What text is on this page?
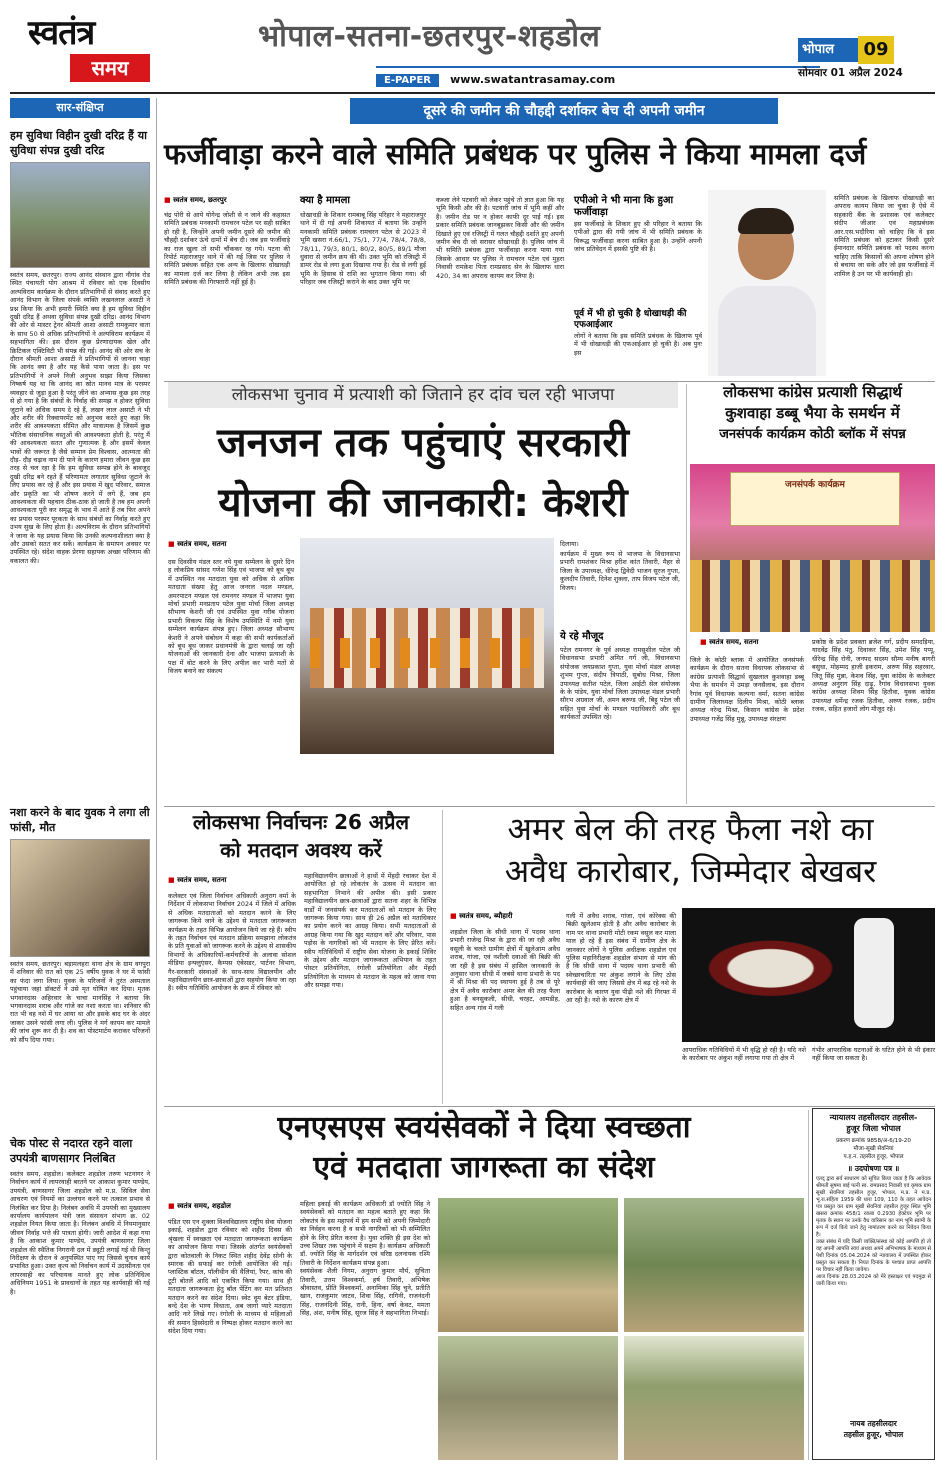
स्वतंत्र
समय
भोपाल-सतना-छतरपुर-शहडोल
E-PAPER www.swatantrasamay.com
भोपाल	09
सोमवार 01 अप्रैल 2024
सार-संक्षिप्त
हम सुविधा विहीन दुखी दरिद्र हैं या सुविधा संपन्न दुखी दरिद्र
स्वतंत्र समय, छतरपुर। राज्य आनंद संस्थान द्वारा नौगांव रोड स्थित पंचायती योग आश्रम में रविवार को एक दिवसीय अल्पविराम कार्यक्रम के दौरान प्रतिभागियों से संवाद करते हुए आनंद विभाग के जिला संपर्क व्यक्ति लखनलाल असाटी ने प्रश्न किया कि अभी हमारी स्थिति क्या है हम सुविधा विहीन दुखी दरिद्र हैं अथवा सुविधा संपन्न दुखी दरिद्र। आनंद विभाग की ओर से मास्टर ट्रेनर श्रीमती आशा असाटी रामकुमार वाता के साथ 50 से अधिक प्रतिभागियों ने अल्पविराम कार्यक्रम में सहभागिता की। इस दौरान कुछ प्रेरणादायक खेल और क्रिटिकल एक्टिविटी भी संपन्न की गई। आनंद की ओर सच के दौरान श्रीमती आशा असाटी ने प्रतिभागियों से जानना चाहा कि आनंद क्या है और यह कैसे पाया जाता है। इस पर प्रतिभागियों ने अपने निजी अनुभव साझा किया जिसका निष्कर्ष यह था कि आनंद का स्रोत मानव मात्र के परस्पर व्यवहार से जुड़ा हुआ है परंतु जीने का अभ्यास कुछ इस तरह से हो गया है कि संबंधों के निर्वाह की समझ न होकर सुविधा जुटाने को अधिक समय दे रहे हैं, लखन लाल असाटी ने भी और शरीर की रिक्वायरमेंट को अनुभव करते हुए कहा कि शरीर की आवश्यकता सीमित और मात्रात्मक है जिसमें कुछ भौतिक संसाधनिक वस्तुओं की आवश्यकता होती है, परंतु मैं की आवश्यकता सतत और गुणात्मक है और इसमें केवल भावों की जरूरत है जैसे सम्मान प्रेम विश्वास, आत्म्यता की दौड़- दौड़ चढ़ाव नाम दी पाने के कारण हमारा जीवन कुछ इस तरह से चल रहा है कि हम सुविधा सम्पन्न होने के बावजूद दुखी दरिद्र बने रहते हैं परिणामतः लगातार सुविधा जुटाने के लिए प्रयास कर रहे हैं और इस प्रयास में खुद परिवार, समाज और प्रकृति का भी शोषण करने में लगे हैं, जब हम आवश्यकता की पहचान ठीक-ठाक हो जाती है तब हम अपनी आवश्यकता पूरी कर समृद्ध के भाव में आते हैं तब फिर अपने का प्रयास परस्पर पूरकता के साथ संबंधों का निर्वाह करते हुए उभय सुख के लिए होता है। अल्पविराम के दौरान प्रतिभागियों ने जाना के यह प्रयास किया कि उनकी कल्पनाशीलता क्या है और उसको सतत कर सकें। कार्यक्रम के समापन अवसर पर उपस्थित रहे। संदेश वाहक प्रेरणा सहायक अच्छा परिणाम की वकालत की।
नशा करने के बाद युवक ने लगा ली फांसी, मौत
स्वतंत्र समय, छतरपुर। बड़ामलहरा थाना क्षेत्र के ग्राम वगपुरा में शनिवार की रात को एक 25 वर्षीय युवक ने घर में फांसी का फंदा लगा लिया। युवक के परिजनों ने तुरंत अस्पताल पहुंचाया जहां डॉक्टरों ने उसे मृत घोषित कर दिया। मृतक भगवानदास अहिरवार के चाचा मानसिंह ने बताया कि भगवानदास शराब और गांजे का नशा करता था। शनिवार की रात भी वह नशे में घर आया था और इसके बाद घर के अंदर जाकर उसने फांसी लगा ली। पुलिस ने मर्ग कायम कर मामले की जांच शुरू कर दी है। शव का पोस्टमार्टम कराकर परिजनों को सौंप दिया गया।
चेक पोस्ट से नदारत रहने वाला उपयंत्री बाणसागर निलंबित
स्वतंत्र समय, शहडोल। कलेक्टर शहडोल तरुण भटनागर ने निर्वाचन कार्य में लापरवाही बरतने पर आकाश कुमार पाण्डेय, उपयंत्री, बाणसागर जिला शहडोल को म.प्र. सिविल सेवा आचरण एवं नियमों का उल्लंघन करने पर तत्काल प्रभाव से निलंबित कर दिया है। निलंबन अवधि में उपयंत्री का मुख्यालय कार्यालय कार्यपालन यंत्री जल संसाधन संभाग क्र. 02 शहडोल नियत किया जाता है। निलंबन अवधि में नियमानुसार जीवन निर्वाह भत्ते की पात्रता होगी। जारी आदेश में कहा गया है कि आकाश कुमार पाण्डेय, उपयंत्री बाणसागर जिला शहडोल की स्थैतिक निगरानी दल में ड्यूटी लगाई गई थी किन्तु निरीक्षण के दौरान वे अनुपस्थित पाए गए जिससे चुनाव कार्य प्रभावित हुआ। उक्त कृत्य को निर्वाचन कार्य में उदासीनता एवं लापरवाही का परिचायक मानते हुए लोक प्रतिनिधित्व अधिनियम 1951 के प्रावधानों के तहत यह कार्यवाही की गई है।
दूसरे की जमीन की चौहद्दी दर्शाकर बेच दी अपनी जमीन
फर्जीवाड़ा करने वाले समिति प्रबंधक पर पुलिस ने किया मामला दर्ज
■ स्वतंत्र समय, छतरपुर
चंद्र पोरी से आये योगेन्द्र जोशी से न जाने की कहासत समिति प्रबंधक मनकामी रामचरन पटेल पर सही साबित हो रही है, जिन्होंने अपनी जमीन दूसरे की जमीन की चौहद्दी दर्शाकर ऊंचे दामों में बेच दी। जब इस फर्जीवाड़े का राज खुला तो सभी चौंककर रह गये। पटना की रिपोर्ट महाराजपुर थाने में की गई जिस पर पुलिस ने समिति प्रबंधक सहित एक अन्य के खिलाफ धोखाधड़ी का मामला दर्ज कर लिया है लेकिन अभी तक इस समिति प्रबंधक की गिरफ्तारी नहीं हुई है।
क्या है मामला
धोखाधड़ी के शिकार रामबाबू सिंह परिहार ने महाराजपुर थाने में दी गई अपनी शिकायत में बताया कि उन्होंने मनकामी समिति प्रबंधक रामचरन पटेल से 2023 में भूमि खसरा नं.66/1, 75/1, 77/4, 78/4, 78/8, 78/11, 79/3, 80/1, 80/2, 80/5, 89/1 मौजा धुवारा से जमीन क्रय की थी। उक्त भूमि को रजिस्ट्री में डामर रोड से लगा हुआ दिखाया गया है। रोड से लगी हुई भूमि के हिसाब से राशि का भुगतान किया गया। श्री परिहार जब रजिस्ट्री कराने के बाद उक्त भूमि पर
कब्जा लेने पटवारी को लेकर पहुंचे तो ज्ञात हुआ कि यह भूमि किसी और की है। पटवारी जांच में भूमि कहीं और है। जमीन रोड पर न होकर काफी दूर पाई गई। इस प्रकार समिति प्रबंधक जानबूझकर किसी और की जमीन दिखाते हुए एवं रजिस्ट्री में गलत चौहद्दी दर्शाते हुए अपनी जमीन बेच दी जो सरासर धोखाधड़ी है। पुलिस जांच में भी समिति प्रबंधक द्वारा फर्जीवाड़ा करना पाया गया जिसके आधार पर पुलिस ने रामचरन पटेल एवं मुहरा निवासी रामके़श पिता रामप्रसाद सेन के खिलाफ धारा 420, 34 का अपराध कायम कर लिया है।
एपीओ ने भी माना कि हुआ फर्जीवाड़ा
इस फर्जीवाड़े के शिकार हुए श्री परिहार ने बताया कि एपीओ द्वारा की गयी जांच में भी समिति प्रबंधक के विरूद्ध फर्जीवाड़ा करना साबित हुआ है। उन्होंने अपनी जांच प्रतिवेदन में इसकी पुष्टि की है।
पूर्व में भी हो चुकी है धोखाधड़ी की एफआईआर
लोगों ने बताया कि इस समिति प्रबंधक के खिलाफ पूर्व में भी धोखाधड़ी की एफआईआर हो चुकी है। अब पुनः इस
समिति प्रबंधक के खिलाफ धोखाधड़ी का अपराध कायम किया जा चुका है ऐसे में सहकारी बैंक के प्रशासक एवं कलेक्टर संदीप जीआर एवं महाप्रबंधक आर.एस.भदौरिया को चाहिए कि वे इस समिति प्रबंधक को हटाकर किसी दूसरे ईमानदार समिति प्रबंधक को पदस्थ करना चाहिए ताकि किसानों की अपना शोषण होने से बचाया जा सके और जो इस फर्जीवाड़े में शामिल है उन पर भी कार्यवाही हो।
लोकसभा चुनाव में प्रत्याशी को जिताने हर दांव चल रही भाजपा
जनजन तक पहुंचाएं सरकारी
योजना की जानकारी: केशरी
■ स्वतंत्र समय, सतना
दस दिवसीय मंडल स्तर नये युवा सम्मेलन के दूसरे दिन ह लोकप्रिय सांसद गणेश सिंह एवं भाजपा को बूथ बूथ में उपस्थित नव मतदाता युवा को अधिक से अधिक मतदाता संख्या हेतु आज जनरल नदल मण्डल, अमरपाटन मण्डल एवं रामनगर मण्डल में भाजपा युवा मोर्चा प्रभारी मनप्रताप पटेल युवा मोर्चा जिला अध्यक्ष सौभाग्य केशरी जी एवं उपस्थित युवा गरीब योजना प्रभारी विकल्प सिंह के विशेष उपस्थिति में नमो युवा सम्मेलन कार्यक्रम संपन्न हुए। जिला अध्यक्ष सौभाग्य केशरी ने अपने संबोधन में कहा की सभी कार्यकर्ताओं को बूथ बूथ जाकर प्रधानमंत्री के द्वारा चलाई जा रही योजनाओं की जानकारी देना और भाजपा प्रत्याशी के पक्ष में वोट करने के लिए अपील कर भारी मतों से विजय बनाने का संकल्प
दिलाया।
कार्यक्रम में मुख्य रूप से भाजपा के विधानसभा प्रभारी रामशंकर मिश्रा हरीश कांत तिवारी, मैहर से जिला के उपाध्यक्ष, धीरेन्द्र द्विवेदी भाजन सूरज गुप्ता, कुलदीप तिवारी, दिनेश शुक्ला, ताप विजय पटेल जी, विजय।
ये रहे मौजूद
पटेल रामनगर के पूर्व अध्यक्ष रामसुशील पटेल जी विधानसभा प्रभारी अमित गर्ग जी, विधानसभा संयोजक जयप्रकाश गुप्ता, युवा मोर्चा मंडल अध्यक्ष शुभम गुप्ता, संदीप त्रिपाठी, सुबोध मिश्रा, जिला उपाध्यक्ष सतीश पटेल, जिला आईटी सेल संयोजक के के पांडेय, युवा मोर्चा जिला उपाध्यक्ष मंडल प्रभारी सौरभ अग्रवाल जी, अमन बरुण्ड जी, बिट्टू पटेल जी सहित युवा मोर्चा के मण्डल पदाधिकारी और बूथ कार्यकर्ता उपस्थित रहे।
लोकसभा कांग्रेस प्रत्याशी सिद्धार्थ
कुशवाहा डब्बू भैया के समर्थन में
जनसंपर्क कार्यक्रम कोठी ब्लॉक में संपन्न
जनसंपर्क कार्यक्रम
■ स्वतंत्र समय, सतना
जिले के कोठी ब्लाक में आयोजित जनसंपर्क कार्यक्रम के दौरान सतना विधायक लोकसभा से कांग्रेस प्रत्याशी सिद्धार्थ सुखलाल कुशवाहा डब्बू भैया के समर्थन में उमड़ा जनसैलाब, इस दौरान रैगांव पूर्व विधायक कल्पना वर्मा, सतना कांग्रेस ग्रामीण जिलाध्यक्ष दिलीप मिश्रा, कोठी ब्लाक अध्यक्ष नरेन्द्र मिश्रा, किसान कांग्रेस के प्रदेश उपाध्यक्ष गजेंद्र सिंह मुन्नू, उपाध्यक्ष संरक्षण
प्रकोष्ठ के प्रदेश प्रवक्ता ब्रजेश गर्ग, प्रदीप समदड़िया, यादवेंद्र सिंह पंतु, दिवाकर सिंह, उमेश सिंह पप्पू, धीरेन्द्र सिंह रोनी, जनपद सदस्य सौम्य मनीष बागरी बसुधा, मोहम्मद हाजी इकराम, अरुण सिंह सहरवार, जितू सिंह मुन्ना, केशव सिंह, युवा कांग्रेस के कलेक्टर अध्यक्ष अनुराग सिंह दाढ़ू, रैगांव विधानसभा युवक कांग्रेस अध्यक्ष शिवम सिंह हितौवा, युवक कांग्रेस उपाध्यक्ष धर्मेन्द्र रजक हितौवा, अरुण रजक, प्रदीप रजक, सहित हजारों लोग मौजूद रहे।
लोकसभा निर्वाचनः 26 अप्रैल
को मतदान अवश्य करें
■ स्वतंत्र समय, सतना
कलेक्टर एवं जिला निर्वाचन अधिकारी अनुराग वर्मा के निर्देशन में लोकसभा निर्वाचन 2024 में जिले में अधिक से अधिक मतदाताओं को मतदान करने के लिए जागरूक किये जाने के उद्देश्य से मतदाता जागरूकता कार्यक्रम के तहत विभिन्न आयोजन किये जा रहे हैं। स्वीप के तहत निर्वाचन एवं मतदान प्रक्रिया समझाना लोकतंत्र के प्रति युवाओं को जागरूक करने के उद्देश्य से शासकीय विभागों के अधिकारियों-कर्मचारियों के अलावा सोशल मीडिया इन्फ्लुएंसर, कैम्पस एंबेसडर, पार्टनर विभाग, गैर-सरकारी संस्थाओं के साथ-साथ विद्यालयीन और महाविद्यालयीन छात्र-छात्राओं द्वारा सहयोग किया जा रहा है। स्वीप गतिविधि आयोजन के क्रम में रविवार को
महाविद्यालयीन छात्राओं ने हाथों में मेंहदी रचाकर देश में आयोजित हो रहे लोकतंत्र के उत्सव में मतदान का सहभागिता निभाने की अपील की। इसी प्रकार महाविद्यालयीन छात्र-छात्राओं द्वारा सतना शहर के विभिन्न वार्डों में जनसंपर्क कर मतदाताओं को मतदान के लिए जागरूक किया गया। साथ ही 26 अप्रैल को मताधिकार का प्रयोग करने का आग्रह किया। सभी मतदाताओं से आग्रह किया गया कि खुद मतदान करें और परिवार, पास पड़ोस के नागरिकों को भी मतदान के लिए प्रेरित करें। स्वीप गतिविधियों में राष्ट्रीय सेवा योजना के इकाई शिविर के उद्देश्य और मतदान जागरूकता अभियान के तहत पोस्टर प्रतियोगिता, रंगोली प्रतियोगिता और मेंहदी प्रतियोगिता के माध्यम से मतदान के महत्व को जाना गया और समझा गया।
अमर बेल की तरह फैला नशे का
अवैध कारोबार, जिम्मेदार बेखबर
■ स्वतंत्र समय, ब्यौहारी
शहडोल जिला के सीधी थाना में पदस्थ थाना प्रभारी राजेन्द्र मिश्रा के द्वारा की जा रही अवैध वसूली के चलते ग्रामीण क्षेत्रों में खुलेआम अवैध शराब, गांजा, एवं नशीली दवाओं की बिक्री की जा रही है इस संबंध में हासिल जानकारी के अनुसार थाना सीधी में जबसे थाना प्रभारी के पद में श्री मिश्रा की पद स्थापना हुई है तब से पूरे क्षेत्र में अवैध कारोबार अमर बेल की तरह फैला हुआ है बनसुकली, सीधी, चरहट, आमडीह, सहित अन्य गांव में गली
गली में अवैध शराब, गांजा, एवं कोरेक्स की बिक्री खुलेआम होती है और अवैध कारोबार के नाम पर थाना प्रभारी मोटी रकम वसूल कर माला माल हो रहे हैं इस संबंध में ग्रामीण क्षेत्र के जानकार लोगों ने पुलिस अधीक्षक शहडोल एवं पुलिस महानिरीक्षक शहडोल संभाग से मांग की है कि सीधी थाना में पदस्थ थाना प्रभारी की स्वेच्छाचारिता पर अंकुश लगाने के लिए ठोस कार्यवाही की जाए जिससे क्षेत्र में बढ़ रहे नशे के कारोबार के कारण युवा पीढ़ी नशे की गिरफ्त में आ रही है। नशे के कारण क्षेत्र में
आपराधिक गतिविधियों में भी वृद्धि हो रही है। यदि नशे के कारोबार पर अंकुश नहीं लगाया गया तो क्षेत्र में
गंभीर आपराधिक घटनाओं के घटित होने से भी इंकार नहीं किया जा सकता है।
एनएसएस स्वयंसेवकों ने दिया स्वच्छता
एवं मतदाता जागरूता का संदेश
■ स्वतंत्र समय, शहडोल
पंडित एस एन शुक्ला विश्वविद्यालय राष्ट्रीय सेवा योजना इकाई, शहडोल द्वारा रविवार को शहीद दिवस की श्रृंखला में स्वच्छता एवं मतदाता जागरूकता कार्यक्रम का आयोजन किया गया। जिसके अंतर्गत स्वयंसेवकों द्वारा कोतवाली के निकट स्थित शहीद देवेंद्र सोनी के स्मारक की सफाई कर रंगोली आयोजित की गई। प्लास्टिक बॉटल, पॉलीथीन की थैलियां, रैपर, कांच की टूटी बोतलें आदि को एकत्रित किया गया। साथ ही मतदाता जागरूकता हेतु बॉल पेंटिंग कर मत प्रतिशत मतदान करने का संदेश दिया। स्वेट वूम बेटर इंडिया, बन्दे देश के भाग्य विधाता, अब जागो प्यारे मतदाता आदि नारे लिखे गए। रंगोली के माध्यम से महिलाओं की समान हिस्सेदारी व निष्पक्ष होकर मतदान करने का संदेश दिया गया।
महिला इकाई की कार्यक्रम अधिकारी डॉ ज्योति सिंह ने स्वयंसेवकों को मतदान का महत्व बताते हुए कहा कि लोकतंत्र के इस महापर्व में हम सभी को अपनी जिम्मेदारी का निर्वहन करना है व सभी नागरिकों को भी सम्मिलित होने के लिए प्रेरित करना है। युवा शक्ति ही इस देश को उच्च शिखर तक पहुंचाने में सक्षम है। कार्यक्रम अधिकारी डॉ. ज्योति सिंह के मार्गदर्शन एवं वरिष्ठ दलनायक रश्मि तिवारी के निर्देशन कार्यक्रम संपन्न हुआ।
स्वयंसेवक शैली निगम, अनुराग कुमार मौर्य, सुचिता तिवारी, उत्तम विश्वकर्मा, हर्ष तिवारी, अभिषेक श्रीवास्तव, प्रीति विश्वकर्मा, अनामिका सिंह चुने, प्रतीति खान, राजकुमार जाटव, शिवा सिंह, रागिनी, राजनंदनी सिंह, राजनंदिनी सिंह, रानी, हिना, वर्षा केवट, ममता सिंह, अंश, मनीष सिंह, सूरज सिंह ने सहभागिता निभाई।
न्यायालय तहसीलदार तहसील-
हुजूर जिला भोपाल
प्रकरण क्रमांक 9858/अ-6/19-20
मौजा-सूखी सेवनियां
प.ह.न. तहसील हुजूर, भोपाल
॥ उदघोषणा पत्र ॥
एतद् द्वारा सर्व साधारण को सूचित किया जाता है कि आवेदक श्रीमती सुषमा बाई पत्नी स्व. रामप्रसाद निवासी एवं कृषक ग्राम सूखी सेवनियां तहसील हुजूर, भोपाल, म.प्र. ने म.प्र. भू.रा.संहिता 1959 की धारा 109, 110 के तहत आवेदन पत्र प्रस्तुत कर ग्राम सूखी सेवनियां तहसील हुजूर स्थित भूमि खसरा क्रमांक 458/1 रकबा 0.2930 हेक्टेयर भूमि पर मृतक के स्थान पर उनके वैध वारिसान का नाम भूमि स्वामी के रूप में दर्ज किये जाने हेतु नामांतरण करने का निवेदन किया है।
उक्त संबंध में यदि किसी व्यक्ति/संस्था को कोई आपत्ति हो तो वह अपनी आपत्ति स्वयं अथवा अपने अभिभाषक के माध्यम से पेशी दिनांक 05.04.2024 को न्यायालय में उपस्थित होकर प्रस्तुत कर सकता है। नियत दिनांक के पश्चात प्राप्त आपत्ति पर विचार नहीं किया जावेगा।
आज दिनांक 28.03.2024 को मेरे हस्ताक्षर एवं पदमुद्रा से जारी किया गया।
नायब तहसीलदार
तहसील हुजूर, भोपाल
